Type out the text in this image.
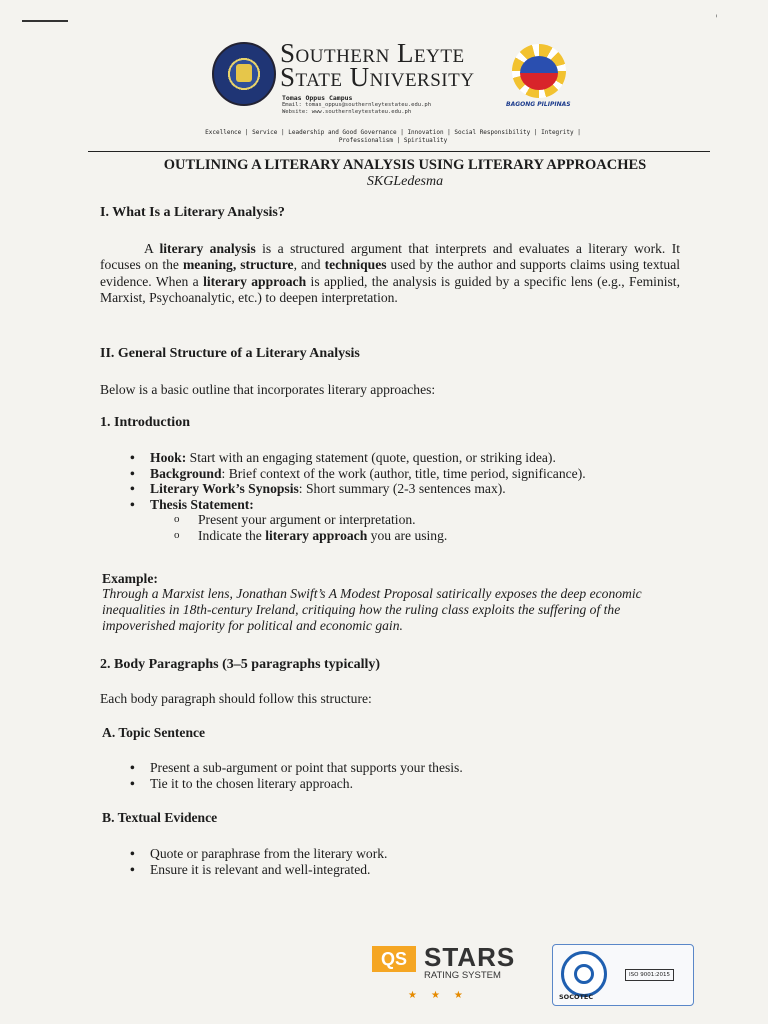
'
Southern Leyte
State University
Tomas Oppus Campus
Email: tomas_oppus@southernleytestateu.edu.ph
Website: www.southernleytestateu.edu.ph
BAGONG PILIPINAS
Excellence | Service | Leadership and Good Governance | Innovation | Social Responsibility | Integrity |
Professionalism | Spirituality
OUTLINING A LITERARY ANALYSIS USING LITERARY APPROACHES
SKGLedesma
I. What Is a Literary Analysis?
A literary analysis is a structured argument that interprets and evaluates a literary work. It focuses on the meaning, structure, and techniques used by the author and supports claims using textual evidence. When a literary approach is applied, the analysis is guided by a specific lens (e.g., Feminist, Marxist, Psychoanalytic, etc.) to deepen interpretation.
II. General Structure of a Literary Analysis
Below is a basic outline that incorporates literary approaches:
1. Introduction
• Hook: Start with an engaging statement (quote, question, or striking idea).
• Background: Brief context of the work (author, title, time period, significance).
• Literary Work’s Synopsis: Short summary (2-3 sentences max).
• Thesis Statement:
o Present your argument or interpretation.
o Indicate the literary approach you are using.
Example:
Through a Marxist lens, Jonathan Swift’s A Modest Proposal satirically exposes the deep economic inequalities in 18th-century Ireland, critiquing how the ruling class exploits the suffering of the impoverished majority for political and economic gain.
2. Body Paragraphs (3–5 paragraphs typically)
Each body paragraph should follow this structure:
A. Topic Sentence
• Present a sub-argument or point that supports your thesis.
• Tie it to the chosen literary approach.
B. Textual Evidence
• Quote or paraphrase from the literary work.
• Ensure it is relevant and well-integrated.
QS STARS
RATING SYSTEM
★★★	SOCOTEC
ISO 9001:2015
